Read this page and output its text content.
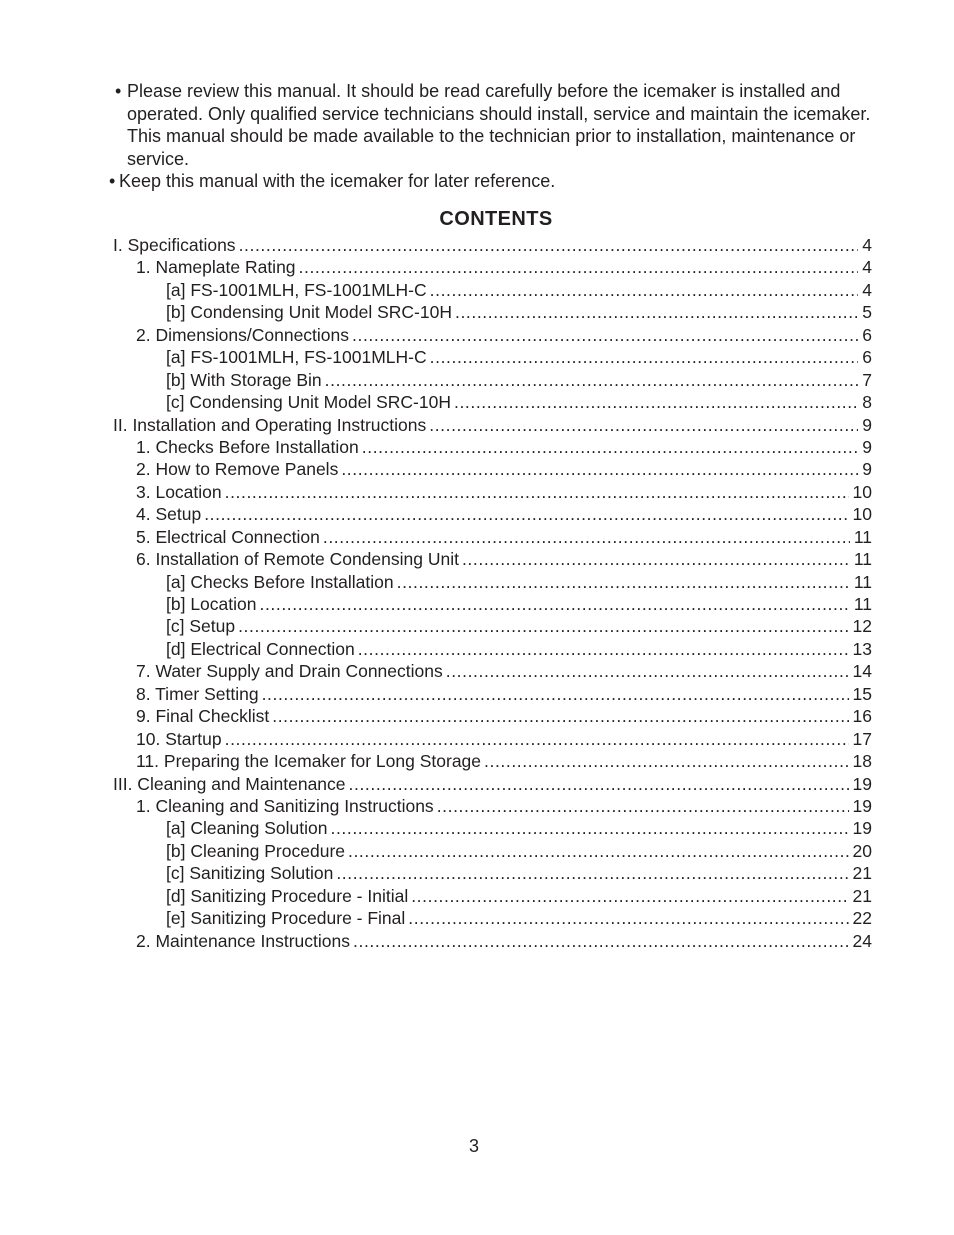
• Please review this manual. It should be read carefully before the icemaker is installed and operated. Only qualified service technicians should install, service and maintain the icemaker. This manual should be made available to the technician prior to installation, maintenance or service.
• Keep this manual with the icemaker for later reference.
CONTENTS
I. Specifications .....	4
1. Nameplate Rating .....	4
[a] FS-1001MLH, FS-1001MLH-C .....	4
[b] Condensing Unit Model SRC-10H .....	5
2. Dimensions/Connections .....	6
[a] FS-1001MLH, FS-1001MLH-C .....	6
[b] With Storage Bin .....	7
[c] Condensing Unit Model SRC-10H .....	8
II. Installation and Operating Instructions .....	9
1. Checks Before Installation .....	9
2. How to Remove Panels .....	9
3. Location .....	10
4. Setup .....	10
5. Electrical Connection .....	11
6. Installation of Remote Condensing Unit .....	11
[a] Checks Before Installation .....	11
[b] Location .....	11
[c] Setup .....	12
[d] Electrical Connection .....	13
7. Water Supply and Drain Connections .....	14
8. Timer Setting .....	15
9. Final Checklist .....	16
10. Startup .....	17
11. Preparing the Icemaker for Long Storage .....	18
III. Cleaning and Maintenance .....	19
1. Cleaning and Sanitizing Instructions .....	19
[a] Cleaning Solution .....	19
[b] Cleaning Procedure .....	20
[c] Sanitizing Solution .....	21
[d] Sanitizing Procedure - Initial .....	21
[e] Sanitizing Procedure - Final .....	22
2. Maintenance Instructions .....	24
3
